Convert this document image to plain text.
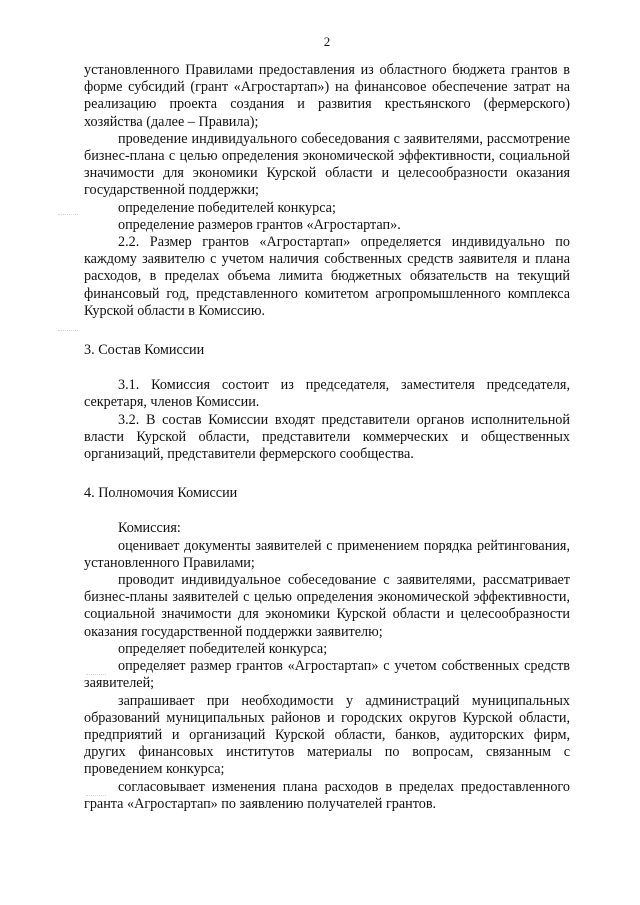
2

установленного Правилами предоставления из областного бюджета грантов в форме субсидий (грант «Агростартап») на финансовое обеспечение затрат на реализацию проекта создания и развития крестьянского (фермерского) хозяйства (далее – Правила);

проведение индивидуального собеседования с заявителями, рассмотрение бизнес-плана с целью определения экономической эффективности, социальной значимости для экономики Курской области и целесообразности оказания государственной поддержки;

определение победителей конкурса;

определение размеров грантов «Агростартап».

2.2. Размер грантов «Агростартап» определяется индивидуально по каждому заявителю с учетом наличия собственных средств заявителя и плана расходов, в пределах объема лимита бюджетных обязательств на текущий финансовый год, представленного комитетом агропромышленного комплекса Курской области в Комиссию.

3. Состав Комиссии

3.1. Комиссия состоит из председателя, заместителя председателя, секретаря, членов Комиссии.

3.2. В состав Комиссии входят представители органов исполнительной власти Курской области, представители коммерческих и общественных организаций, представители фермерского сообщества.

4. Полномочия Комиссии

Комиссия:

оценивает документы заявителей с применением порядка рейтингования, установленного Правилами;

проводит индивидуальное собеседование с заявителями, рассматривает бизнес-планы заявителей с целью определения экономической эффективности, социальной значимости для экономики Курской области и целесообразности оказания государственной поддержки заявителю;

определяет победителей конкурса;

определяет размер грантов «Агростартап» с учетом собственных средств заявителей;

запрашивает при необходимости у администраций муниципальных образований муниципальных районов и городских округов Курской области, предприятий и организаций Курской области, банков, аудиторских фирм, других финансовых институтов материалы по вопросам, связанным с проведением конкурса;

согласовывает изменения плана расходов в пределах предоставленного гранта «Агростартап» по заявлению получателей грантов.
